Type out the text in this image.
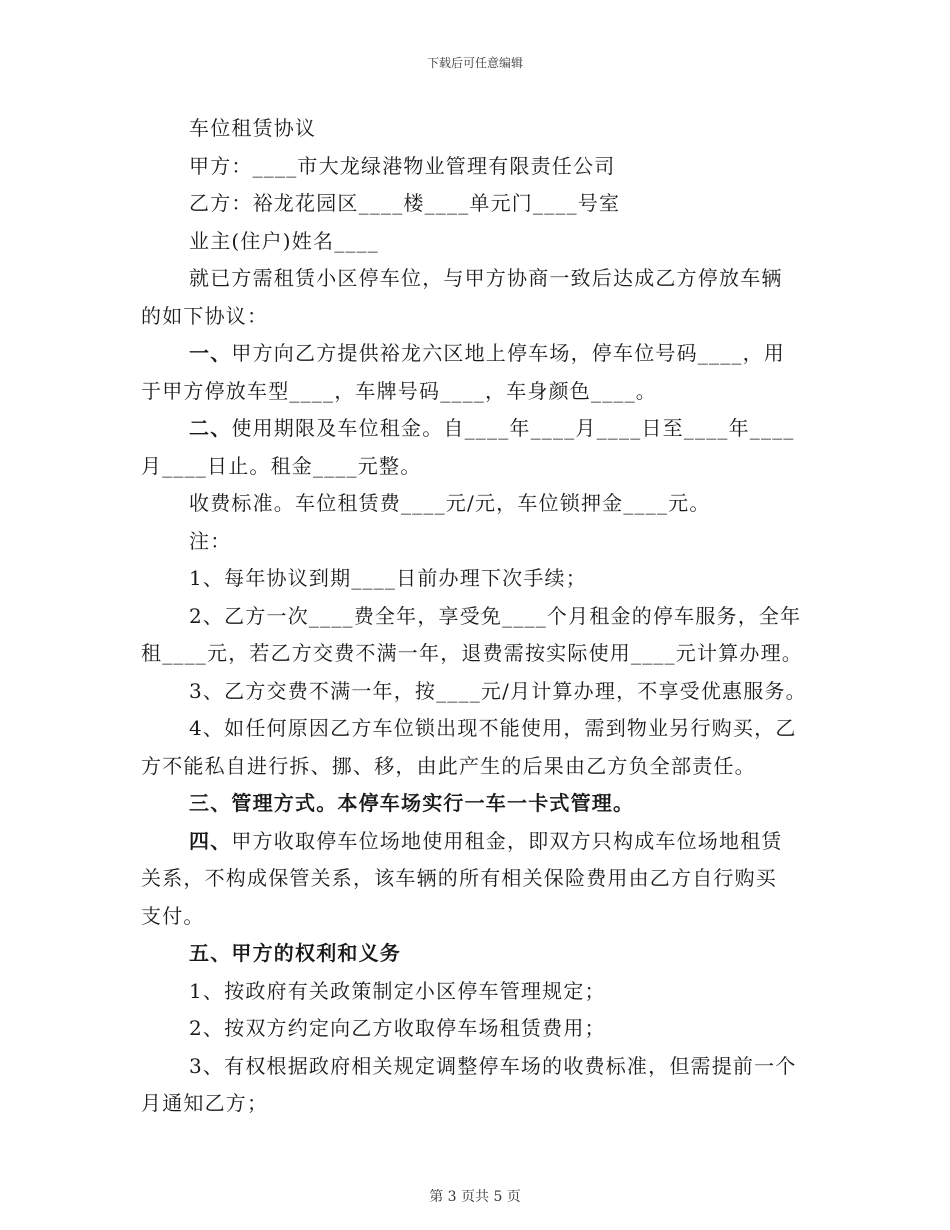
下载后可任意编辑

车位租赁协议

甲方：____市大龙绿港物业管理有限责任公司

乙方：裕龙花园区____楼____单元门____号室

业主(住户)姓名____

就已方需租赁小区停车位，与甲方协商一致后达成乙方停放车辆

的如下协议：

一、甲方向乙方提供裕龙六区地上停车场，停车位号码____，用

于甲方停放车型____，车牌号码____，车身颜色____。

二、使用期限及车位租金。自____年____月____日至____年____

月____日止。租金____元整。

收费标准。车位租赁费____元/元，车位锁押金____元。

注：

1、每年协议到期____日前办理下次手续；

2、乙方一次____费全年，享受免____个月租金的停车服务，全年

租____元，若乙方交费不满一年，退费需按实际使用____元计算办理。

3、乙方交费不满一年，按____元/月计算办理，不享受优惠服务。

4、如任何原因乙方车位锁出现不能使用，需到物业另行购买，乙

方不能私自进行拆、挪、移，由此产生的后果由乙方负全部责任。

三、管理方式。本停车场实行一车一卡式管理。

四、甲方收取停车位场地使用租金，即双方只构成车位场地租赁

关系，不构成保管关系，该车辆的所有相关保险费用由乙方自行购买

支付。

五、甲方的权利和义务

1、按政府有关政策制定小区停车管理规定；

2、按双方约定向乙方收取停车场租赁费用；

3、有权根据政府相关规定调整停车场的收费标准，但需提前一个

月通知乙方；

第 3 页共 5 页
